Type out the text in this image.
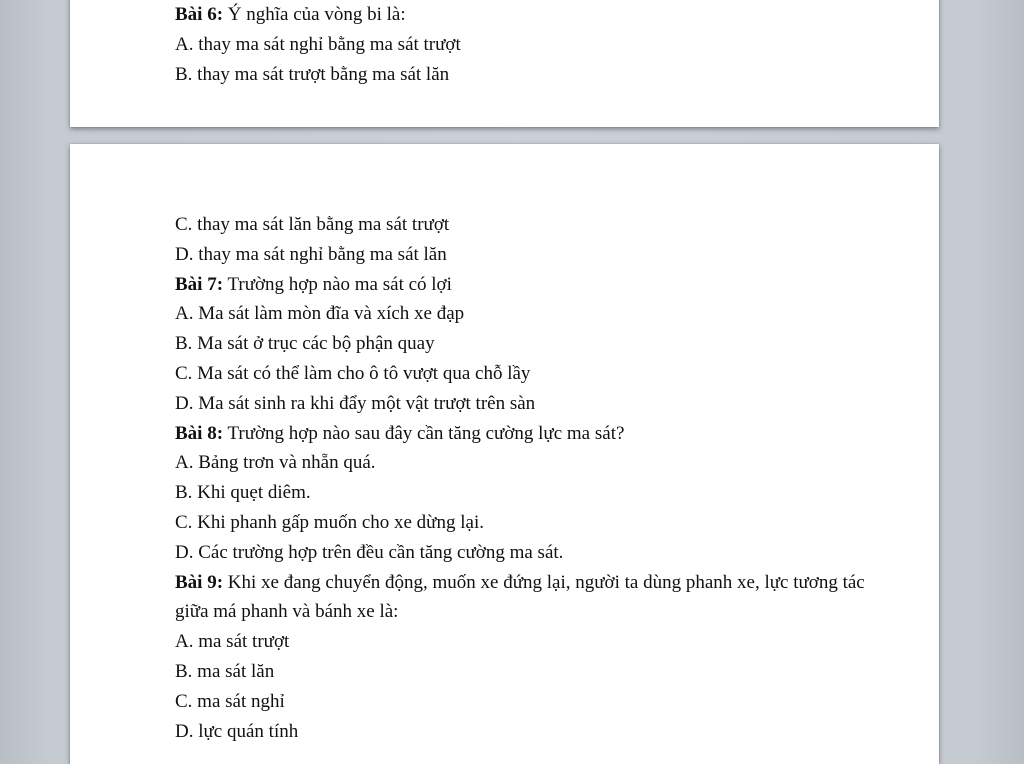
Bài 6: Ý nghĩa của vòng bi là:
A. thay ma sát nghỉ bằng ma sát trượt
B. thay ma sát trượt bằng ma sát lăn
C. thay ma sát lăn bằng ma sát trượt
D. thay ma sát nghỉ bằng ma sát lăn
Bài 7: Trường hợp nào ma sát có lợi
A. Ma sát làm mòn đĩa và xích xe đạp
B. Ma sát ở trục các bộ phận quay
C. Ma sát có thể làm cho ô tô vượt qua chỗ lầy
D. Ma sát sinh ra khi đẩy một vật trượt trên sàn
Bài 8: Trường hợp nào sau đây cần tăng cường lực ma sát?
A. Bảng trơn và nhẵn quá.
B. Khi quẹt diêm.
C. Khi phanh gấp muốn cho xe dừng lại.
D. Các trường hợp trên đều cần tăng cường ma sát.
Bài 9: Khi xe đang chuyển động, muốn xe đứng lại, người ta dùng phanh xe, lực tương tác giữa má phanh và bánh xe là:
A. ma sát trượt
B. ma sát lăn
C. ma sát nghỉ
D. lực quán tính
